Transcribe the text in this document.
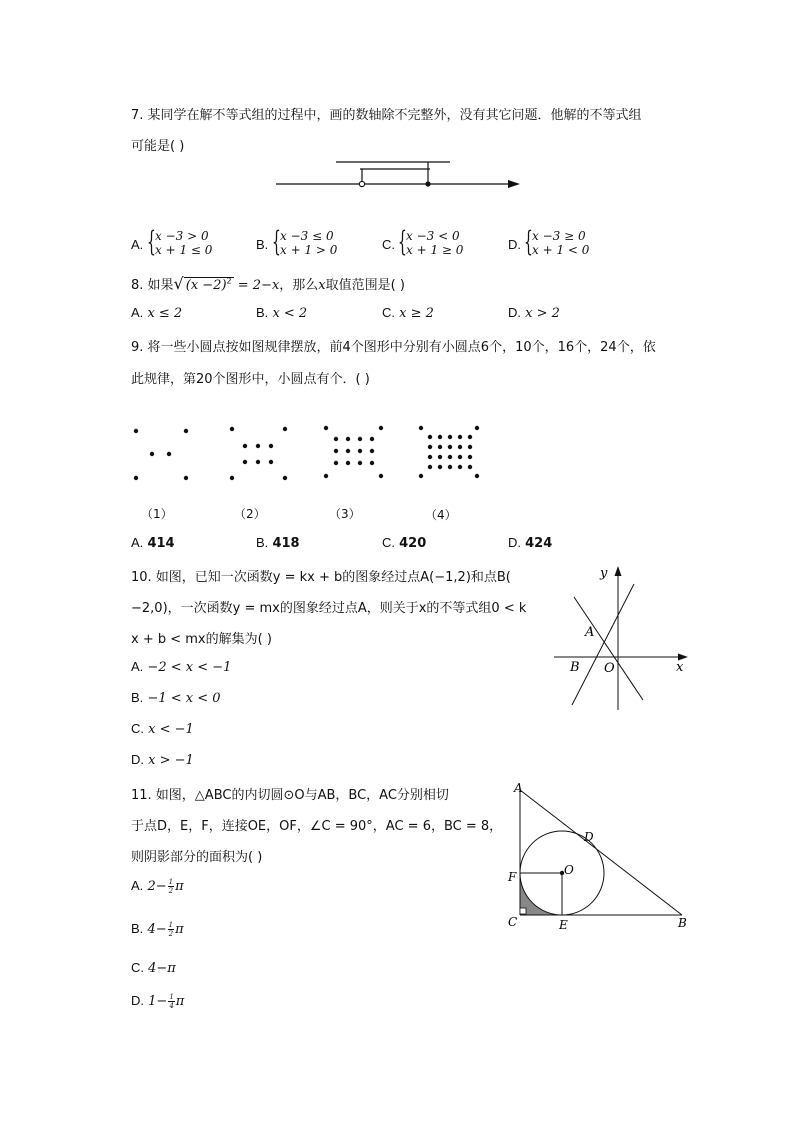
7. 某同学在解不等式组的过程中，画的数轴除不完整外，没有其它问题．他解的不等式组
可能是( )
A. { x −3 > 0
x + 1 ≤ 0	B. { x −3 ≤ 0
x + 1 > 0	C. { x −3 < 0
x + 1 ≥ 0	D. { x −3 ≥ 0
x + 1 < 0
8. 如果√ $(x -2)^2 = 2-x$，那么x取值范围是( )
A. x ≤ 2	B. x < 2	C. x ≥ 2	D. x > 2
9. 将一些小圆点按如图规律摆放，前4个图形中分别有小圆点6个，10个，16个，24个，依
此规律，第20个图形中，小圆点有个．( )
（1）	（2）	（3）	（4）
A. 414	B. 418	C. 420	D. 424
10. 如图，已知一次函数y = kx + b的图象经过点A(−1,2)和点B(
−2,0)，一次函数y = mx的图象经过点A，则关于x的不等式组0 < k
x + b < mx的解集为( )
A. −2 < x < −1
B. −1 < x < 0
C. x < −1
D. x > −1
y
x
A
B O
11. 如图，△ABC的内切圆⊙O与AB，BC，AC分别相切
于点D，E，F，连接OE，OF，∠C = 90°，AC = 6，BC = 8，
则阴影部分的面积为( )
A. $2- \frac{1}{2}$ π
B. $4- \frac{1}{2}$ π
C. 4−π
D. $1- \frac{1}{4}$ π
A
B
C
D
E
F	O
